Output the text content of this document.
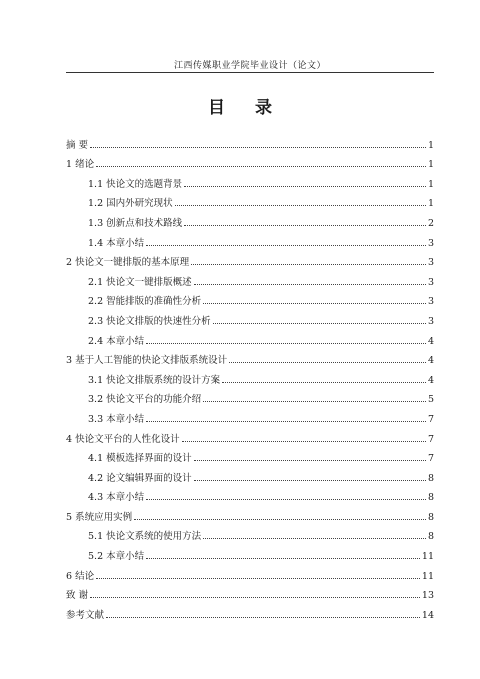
江西传媒职业学院毕业设计（论文）
目 录
摘 要	1
1 绪论	1
1.1 快论文的选题背景	1
1.2 国内外研究现状	1
1.3 创新点和技术路线	2
1.4 本章小结	3
2 快论文一键排版的基本原理	3
2.1 快论文一键排版概述	3
2.2 智能排版的准确性分析	3
2.3 快论文排版的快速性分析	3
2.4 本章小结	4
3 基于人工智能的快论文排版系统设计	4
3.1 快论文排版系统的设计方案	4
3.2 快论文平台的功能介绍	5
3.3 本章小结	7
4 快论文平台的人性化设计	7
4.1 模板选择界面的设计	7
4.2 论文编辑界面的设计	8
4.3 本章小结	8
5 系统应用实例	8
5.1 快论文系统的使用方法	8
5.2 本章小结	11
6 结论	11
致 谢	13
参考文献	14
